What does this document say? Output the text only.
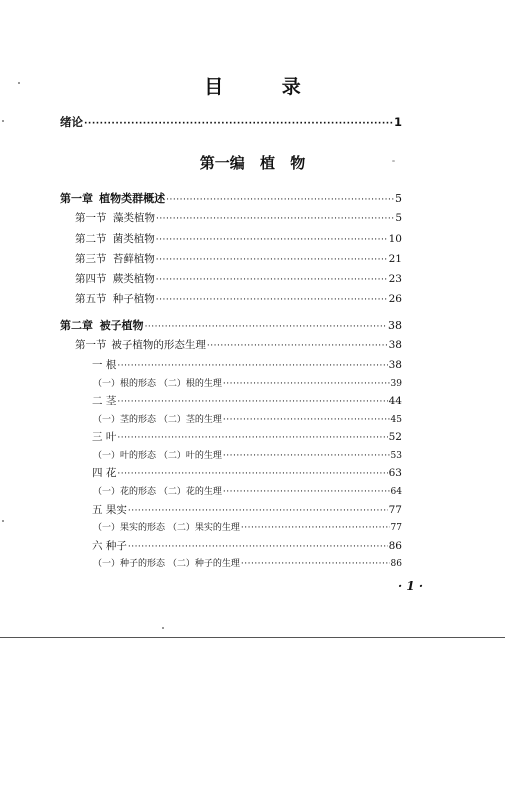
目 录
绪论 ·····	1
第一编 植 物
第一章 植物类群概述 ·····	5
第一节 藻类植物 ·····	5
第二节 菌类植物 ·····	10
第三节 苔藓植物 ·····	21
第四节 蕨类植物 ·····	23
第五节 种子植物 ·····	26
第二章 被子植物 ·····	38
第一节 被子植物的形态生理 ·····	38
一 根 ·····	38
（一）根的形态 （二）根的生理 ·····	39
二 茎 ·····	44
（一）茎的形态 （二）茎的生理 ·····	45
三 叶 ·····	52
（一）叶的形态 （二）叶的生理 ·····	53
四 花 ·····	63
（一）花的形态 （二）花的生理 ·····	64
五 果实 ·····	77
（一）果实的形态 （二）果实的生理 ·····	77
六 种子 ·····	86
（一）种子的形态 （二）种子的生理 ·····	86
· 1 ·
